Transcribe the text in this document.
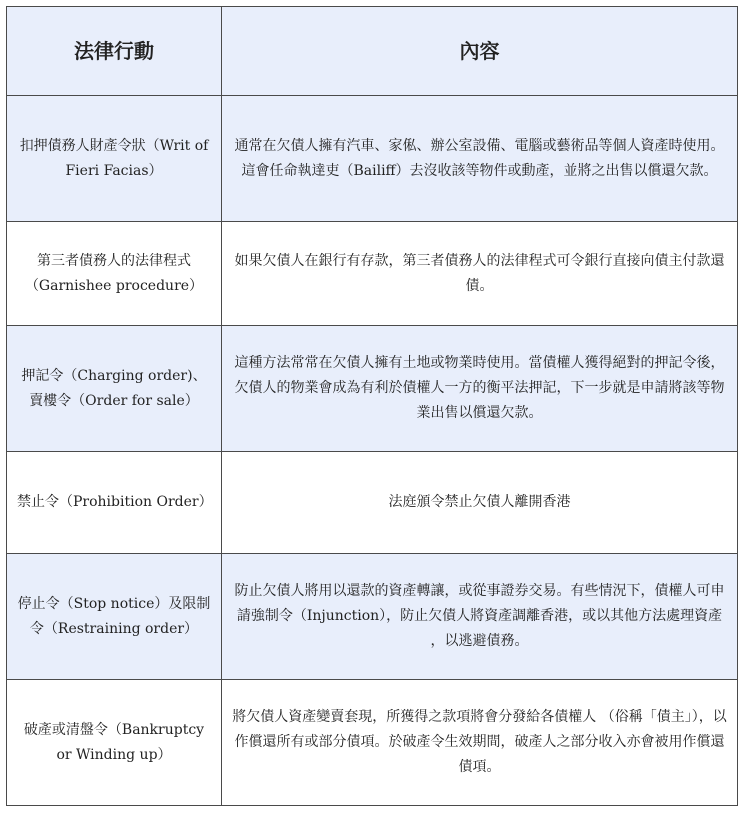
法律行動	內容
扣押債務人財產令狀（Writ of Fieri Facias）	通常在欠債人擁有汽車、家俬、辦公室設備、電腦或藝術品等個人資產時使用。這會任命執達吏（Bailiff）去沒收該等物件或動產，並將之出售以償還欠款。
第三者債務人的法律程式（Garnishee procedure）	如果欠債人在銀行有存款，第三者債務人的法律程式可令銀行直接向債主付款還債。
押記令（Charging order)、賣樓令（Order for sale）	這種方法常常在欠債人擁有土地或物業時使用。當債權人獲得絕對的押記令後，欠債人的物業會成為有利於債權人一方的衡平法押記，下一步就是申請將該等物業出售以償還欠款。
禁止令（Prohibition Order）	法庭頒令禁止欠債人離開香港
停止令（Stop notice）及限制令（Restraining order）	防止欠債人將用以還款的資產轉讓，或從事證券交易。有些情況下，債權人可申請強制令（Injunction），防止欠債人將資產調離香港，或以其他方法處理資產 ，以逃避債務。
破產或清盤令（Bankruptcy or Winding up）	將欠債人資產變賣套現，所獲得之款項將會分發給各債權人 （俗稱「債主」），以作償還所有或部分債項。於破產令生效期間，破產人之部分收入亦會被用作償還債項。
